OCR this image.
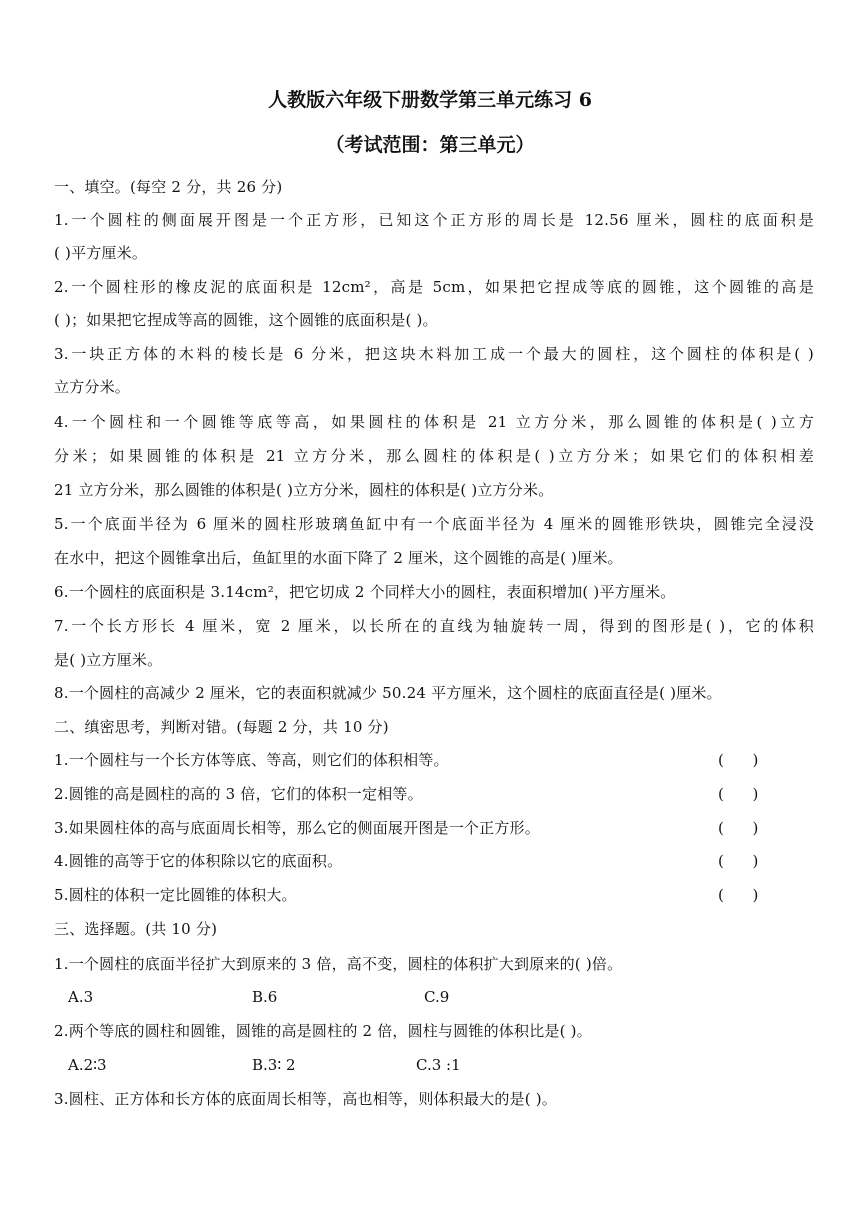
人教版六年级下册数学第三单元练习 6
（考试范围：第三单元）
一、填空。(每空 2 分，共 26 分)
1.一个圆柱的侧面展开图是一个正方形，已知这个正方形的周长是 12.56 厘米，圆柱的底面积是
( )平方厘米。
2.一个圆柱形的橡皮泥的底面积是 12cm²，高是 5cm，如果把它捏成等底的圆锥，这个圆锥的高是
( )；如果把它捏成等高的圆锥，这个圆锥的底面积是( )。
3.一块正方体的木料的棱长是 6 分米，把这块木料加工成一个最大的圆柱，这个圆柱的体积是( )
立方分米。
4.一个圆柱和一个圆锥等底等高，如果圆柱的体积是 21 立方分米，那么圆锥的体积是( )立方
分米；如果圆锥的体积是 21 立方分米，那么圆柱的体积是( )立方分米；如果它们的体积相差
21 立方分米，那么圆锥的体积是( )立方分米，圆柱的体积是( )立方分米。
5.一个底面半径为 6 厘米的圆柱形玻璃鱼缸中有一个底面半径为 4 厘米的圆锥形铁块，圆锥完全浸没
在水中，把这个圆锥拿出后，鱼缸里的水面下降了 2 厘米，这个圆锥的高是( )厘米。
6.一个圆柱的底面积是 3.14cm²，把它切成 2 个同样大小的圆柱，表面积增加( )平方厘米。
7.一个长方形长 4 厘米，宽 2 厘米，以长所在的直线为轴旋转一周，得到的图形是( )，它的体积
是( )立方厘米。
8.一个圆柱的高减少 2 厘米，它的表面积就减少 50.24 平方厘米，这个圆柱的底面直径是( )厘米。
二、缜密思考，判断对错。(每题 2 分，共 10 分)
1.一个圆柱与一个长方体等底、等高，则它们的体积相等。	(      )
2.圆锥的高是圆柱的高的 3 倍，它们的体积一定相等。	(      )
3.如果圆柱体的高与底面周长相等，那么它的侧面展开图是一个正方形。	(      )
4.圆锥的高等于它的体积除以它的底面积。	(      )
5.圆柱的体积一定比圆锥的体积大。	(      )
三、选择题。(共 10 分)
1.一个圆柱的底面半径扩大到原来的 3 倍，高不变，圆柱的体积扩大到原来的( )倍。
A.3	B.6	C.9
2.两个等底的圆柱和圆锥，圆锥的高是圆柱的 2 倍，圆柱与圆锥的体积比是( )。
A.2∶3	B.3∶ 2	C.3 :1
3.圆柱、正方体和长方体的底面周长相等，高也相等，则体积最大的是( )。
